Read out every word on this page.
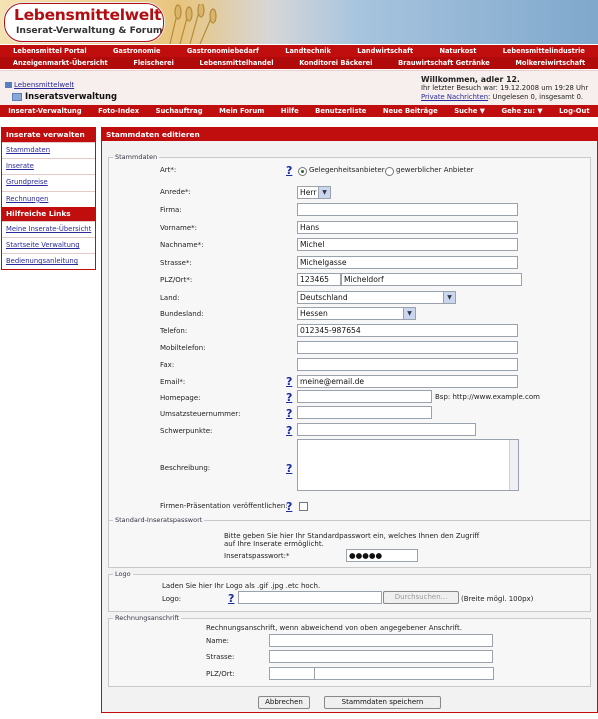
Lebensmittelwelt
Inserat-Verwaltung & Forum
Lebensmittel Portal	Gastronomie	Gastronomiebedarf	Landtechnik	Landwirtschaft	Naturkost	Lebensmittelindustrie
Anzeigenmarkt-Übersicht	Fleischerei	Lebensmittelhandel	Konditorei Bäckerei	Brauwirtschaft Getränke	Molkereiwirtschaft
Lebensmittelwelt
Inseratsverwaltung
Willkommen, adler 12.
Ihr letzter Besuch war: 19.12.2008 um 19:28 Uhr
Private Nachrichten: Ungelesen 0, insgesamt 0.
Inserat-Verwaltung Foto-Index Suchauftrag Mein Forum Hilfe Benutzerliste Neue Beiträge Suche ▼ Gehe zu: ▼ Log-Out
Inserate verwalten
Stammdaten
Inserate
Grundpreise
Rechnungen
Hilfreiche Links
Meine Inserate-Übersicht
Startseite Verwaltung
Bedienungsanleitung
Stammdaten editieren
Stammdaten
Art*:	? Gelegenheitsanbieter gewerblicher Anbieter
Anrede*:	Herr ▼
Firma:
Vorname*:	Hans
Nachname*:	Michel
Strasse*:	Michelgasse
PLZ/Ort*:	123465	Micheldorf
Land:	Deutschland	▼
Bundesland:	Hessen	▼
Telefon:	012345-987654
Mobiltelefon:
Fax:
Email*:	?	meine@email.de
Homepage:	?	Bsp: http://www.example.com
Umsatzsteuernummer:	?
Schwerpunkte:	?
Beschreibung:	?
Firmen-Präsentation veröffentlichen:
?
Standard-Inseratspasswort
Bitte geben Sie hier Ihr Standardpasswort ein, welches Ihnen den Zugriff
auf Ihre Inserate ermöglicht.
Inseratspasswort:*	●●●●●
Logo
Laden Sie hier Ihr Logo als .gif .jpg .etc hoch.
Logo:	?	Durchsuchen...	(Breite mögl. 100px)
Rechnungsanschrift
Rechnungsanschrift, wenn abweichend von oben angegebener Anschrift.
Name:
Strasse:
PLZ/Ort:
Abbrechen	Stammdaten speichern
